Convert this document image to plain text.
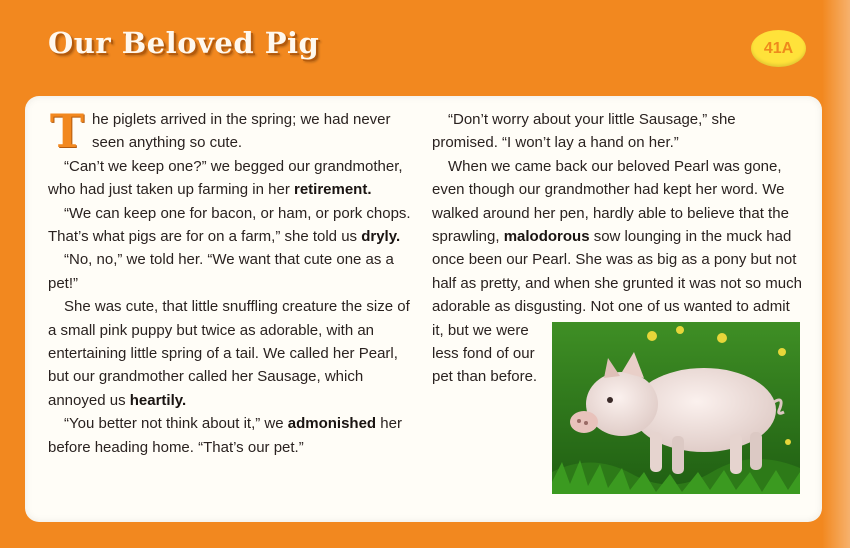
Our Beloved Pig	41A

The piglets arrived in the spring; we had never seen anything so cute.

“Can’t we keep one?” we begged our grandmother, who had just taken up farming in her retirement.

“We can keep one for bacon, or ham, or pork chops. That’s what pigs are for on a farm,” she told us dryly.

“No, no,” we told her. “We want that cute one as a pet!”

She was cute, that little snuffling creature the size of a small pink puppy but twice as adorable, with an entertaining little spring of a tail. We called her Pearl, but our grandmother called her Sausage, which annoyed us heartily.

“You better not think about it,” we admonished her before heading home. “That’s our pet.”

“Don’t worry about your little Sausage,” she promised. “I won’t lay a hand on her.”

When we came back our beloved Pearl was gone, even though our grandmother had kept her word. We walked around her pen, hardly able to believe that the sprawling, malodorous sow lounging in the muck had once been our Pearl. She was as big as a pony but not half as pretty, and when she grunted it was not so much adorable as disgusting. Not one of
us wanted to admit it, but we were less fond of our pet than before.
